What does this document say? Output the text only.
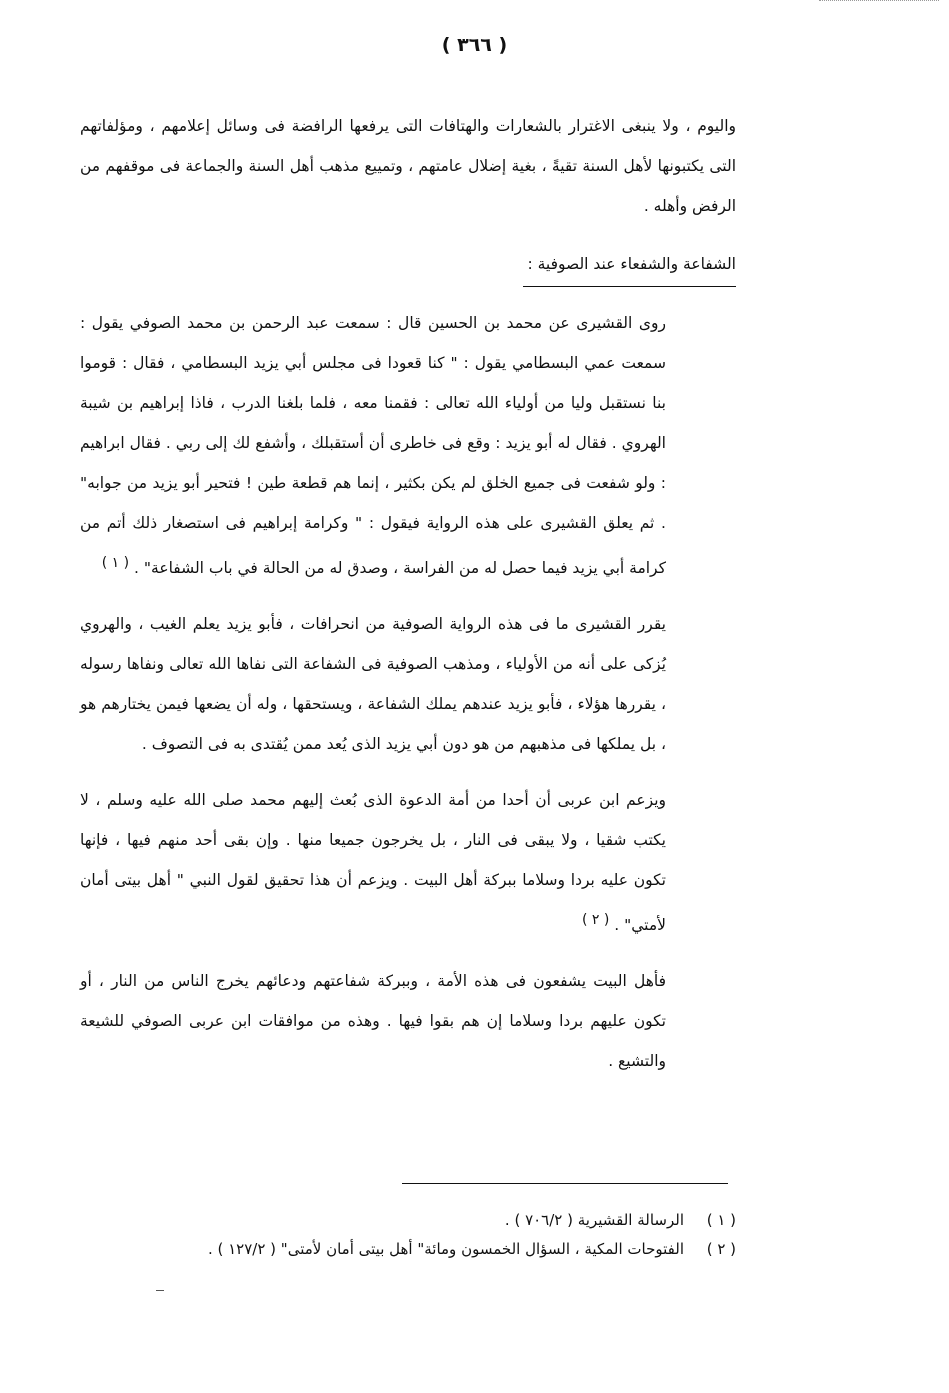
( ٣٦٦ )

واليوم ، ولا ينبغى الاغترار بالشعارات والهتافات التى يرفعها الرافضة فى وسائل إعلامهم ، ومؤلفاتهم التى يكتبونها لأهل السنة تقيةً ، بغية إضلال عامتهم ، وتمييع مذهب أهل السنة والجماعة فى موقفهم من الرفض وأهله .

الشفاعة والشفعاء عند الصوفية :

روى القشيرى عن محمد بن الحسين قال : سمعت عبد الرحمن بن محمد الصوفي يقول : سمعت عمي البسطامي يقول : " كنا قعودا فى مجلس أبي يزيد البسطامي ، فقال : قوموا بنا نستقبل وليا من أولياء الله تعالى : فقمنا معه ، فلما بلغنا الدرب ، فاذا إبراهيم بن شيبة الهروي . فقال له أبو يزيد : وقع فى خاطرى أن أستقبلك ، وأشفع لك إلى ربي . فقال ابراهيم : ولو شفعت فى جميع الخلق لم يكن بكثير ، إنما هم قطعة طين ! فتحير أبو يزيد من جوابه" . ثم يعلق القشيرى على هذه الرواية فيقول : " وكرامة إبراهيم فى استصغار ذلك أتم من كرامة أبي يزيد فيما حصل له من الفراسة ، وصدق له من الحالة في باب الشفاعة" . ( ١ )

يقرر القشيرى ما فى هذه الرواية الصوفية من انحرافات ، فأبو يزيد يعلم الغيب ، والهروي يُزكى على أنه من الأولياء ، ومذهب الصوفية فى الشفاعة التى نفاها الله تعالى ونفاها رسوله ، يقررها هؤلاء ، فأبو يزيد عندهم يملك الشفاعة ، ويستحقها ، وله أن يضعها فيمن يختارهم هو ، بل يملكها فى مذهبهم من هو دون أبي يزيد الذى يُعد ممن يُقتدى به فى التصوف .

ويزعم ابن عربى أن أحدا من أمة الدعوة الذى بُعث إليهم محمد صلى الله عليه وسلم ، لا يكتب شقيا ، ولا يبقى فى النار ، بل يخرجون جميعا منها . وإن بقى أحد منهم فيها ، فإنها تكون عليه بردا وسلاما ببركة أهل البيت . ويزعم أن هذا تحقيق لقول النبي " أهل بيتى أمان لأمتي" . ( ٢ )

فأهل البيت يشفعون فى هذه الأمة ، وببركة شفاعتهم ودعائهم يخرج الناس من النار ، أو تكون عليهم بردا وسلاما إن هم بقوا فيها . وهذه من موافقات ابن عربى الصوفي للشيعة والتشيع .

( ١ )
الرسالة القشيرية ( ٧٠٦/٢ ) .
( ٢ )
الفتوحات المكية ، السؤال الخمسون ومائة" أهل بيتى أمان لأمتى" ( ١٢٧/٢ ) .
